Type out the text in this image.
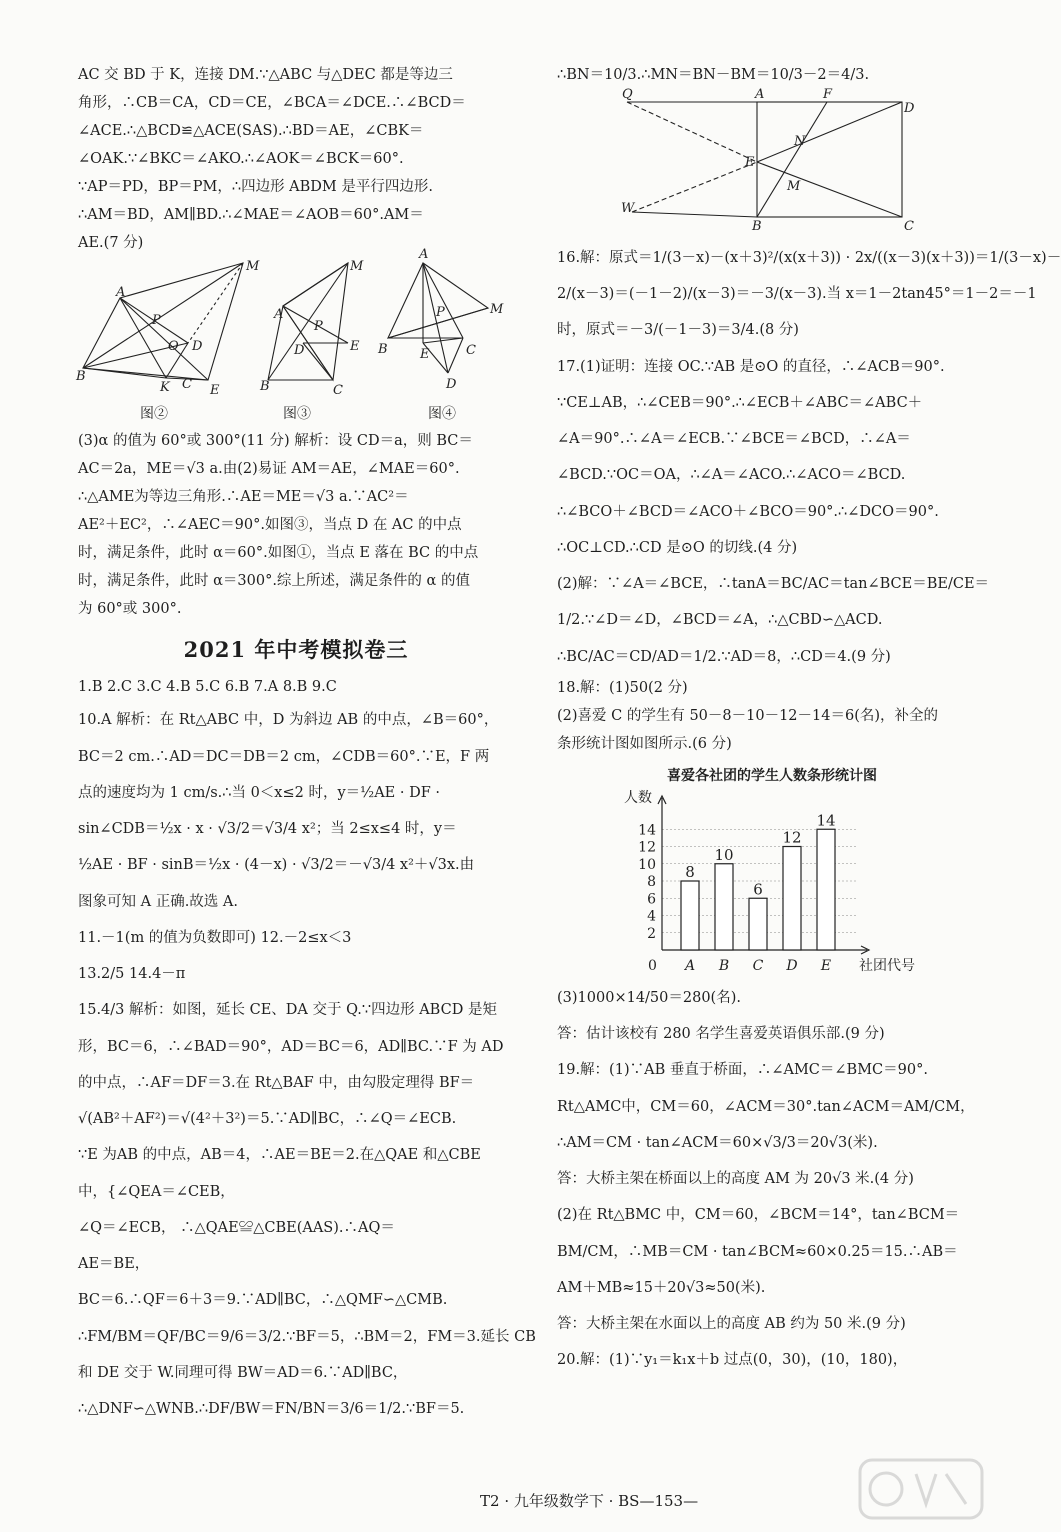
AC 交 BD 于 K，连接 DM.∵△ABC 与△DEC 都是等边三
角形，∴CB＝CA，CD＝CE，∠BCA＝∠DCE.∴∠BCD＝
∠ACE.∴△BCD≌△ACE(SAS).∴BD＝AE，∠CBK＝
∠OAK.∵∠BKC＝∠AKO.∴∠AOK＝∠BCK＝60°.
∵AP＝PD，BP＝PM，∴四边形 ABDM 是平行四边形.
∴AM＝BD，AM∥BD.∴∠MAE＝∠AOB＝60°.AM＝
AE.(7 分)
A
M
B
P
O D
K C E
A
M
P
D	E
B	C
A
M
P
B E	C
D
图②	图③	图④
(3)α 的值为 60°或 300°(11 分) 解析：设 CD＝a，则 BC＝
AC＝2a，ME＝√3 a.由(2)易证 AM＝AE，∠MAE＝60°.
∴△AME为等边三角形.∴AE＝ME＝√3 a.∵AC²＝
AE²＋EC²，∴∠AEC＝90°.如图③，当点 D 在 AC 的中点
时，满足条件，此时 α＝60°.如图①，当点 E 落在 BC 的中点
时，满足条件，此时 α＝300°.综上所述，满足条件的 α 的值
为 60°或 300°.
2021 年中考模拟卷三
1.B 2.C 3.C 4.B 5.C 6.B 7.A 8.B 9.C
10.A 解析：在 Rt△ABC 中，D 为斜边 AB 的中点，∠B＝60°，
BC＝2 cm.∴AD＝DC＝DB＝2 cm，∠CDB＝60°.∵E，F 两
点的速度均为 1 cm/s.∴当 0＜x≤2 时，y＝½AE · DF ·
sin∠CDB＝½x · x · √3/2＝√3/4 x²；当 2≤x≤4 时，y＝
½AE · BF · sinB＝½x · (4－x) · √3/2＝－√3/4 x²＋√3x.由
图象可知 A 正确.故选 A.
11.－1(m 的值为负数即可) 12.－2≤x＜3
13.2/5 14.4－π
15.4/3 解析：如图，延长 CE、DA 交于 Q.∵四边形 ABCD 是矩
形，BC＝6，∴∠BAD＝90°，AD＝BC＝6，AD∥BC.∵F 为 AD
的中点，∴AF＝DF＝3.在 Rt△BAF 中，由勾股定理得 BF＝
√(AB²＋AF²)＝√(4²＋3²)＝5.∵AD∥BC，∴∠Q＝∠ECB.
∵E 为AB 的中点，AB＝4，∴AE＝BE＝2.在△QAE 和△CBE
中，{∠QEA＝∠CEB，
∠Q＝∠ECB， ∴△QAE≌△CBE(AAS).∴AQ＝
AE＝BE，
BC＝6.∴QF＝6＋3＝9.∵AD∥BC，∴△QMF∽△CMB.
∴FM/BM＝QF/BC＝9/6＝3/2.∵BF＝5，∴BM＝2，FM＝3.延长 CB
和 DE 交于 W.同理可得 BW＝AD＝6.∵AD∥BC，
∴△DNF∽△WNB.∴DF/BW＝FN/BN＝3/6＝1/2.∵BF＝5.
∴BN＝10/3.∴MN＝BN－BM＝10/3－2＝4/3.
Q	A	F
D
E
N
M
W
B	C
16.解：原式＝1/(3－x)－(x＋3)²/(x(x＋3)) · 2x/((x－3)(x＋3))＝1/(3－x)－
2/(x－3)＝(－1－2)/(x－3)＝－3/(x－3).当 x＝1－2tan45°＝1－2＝－1
时，原式＝－3/(－1－3)＝3/4.(8 分)
17.(1)证明：连接 OC.∵AB 是⊙O 的直径，∴∠ACB＝90°.
∵CE⊥AB，∴∠CEB＝90°.∴∠ECB＋∠ABC＝∠ABC＋
∠A＝90°.∴∠A＝∠ECB.∵∠BCE＝∠BCD，∴∠A＝
∠BCD.∵OC＝OA，∴∠A＝∠ACO.∴∠ACO＝∠BCD.
∴∠BCO＋∠BCD＝∠ACO＋∠BCO＝90°.∴∠DCO＝90°.
∴OC⊥CD.∴CD 是⊙O 的切线.(4 分)
(2)解：∵∠A＝∠BCE，∴tanA＝BC/AC＝tan∠BCE＝BE/CE＝
1/2.∵∠D＝∠D，∠BCD＝∠A，∴△CBD∽△ACD.
∴BC/AC＝CD/AD＝1/2.∵AD＝8，∴CD＝4.(9 分)
18.解：(1)50(2 分)
(2)喜爱 C 的学生有 50－8－10－12－14＝6(名)，补全的
条形统计图如图所示.(6 分)
喜爱各社团的学生人数条形统计图
2
4
6
8
10
12
14
人数
社团代号
0
8
A
10
B
6
C
12
D
14
E
(3)1000×14/50＝280(名).
答：估计该校有 280 名学生喜爱英语俱乐部.(9 分)
19.解：(1)∵AB 垂直于桥面，∴∠AMC＝∠BMC＝90°.
Rt△AMC中，CM＝60，∠ACM＝30°.tan∠ACM＝AM/CM，
∴AM＝CM · tan∠ACM＝60×√3/3＝20√3(米).
答：大桥主架在桥面以上的高度 AM 为 20√3 米.(4 分)
(2)在 Rt△BMC 中，CM＝60，∠BCM＝14°，tan∠BCM＝
BM/CM，∴MB＝CM · tan∠BCM≈60×0.25＝15.∴AB＝
AM＋MB≈15＋20√3≈50(米).
答：大桥主架在水面以上的高度 AB 约为 50 米.(9 分)
20.解：(1)∵y₁＝k₁x＋b 过点(0，30)，(10，180)，
T2 · 九年级数学下 · BS—153—
